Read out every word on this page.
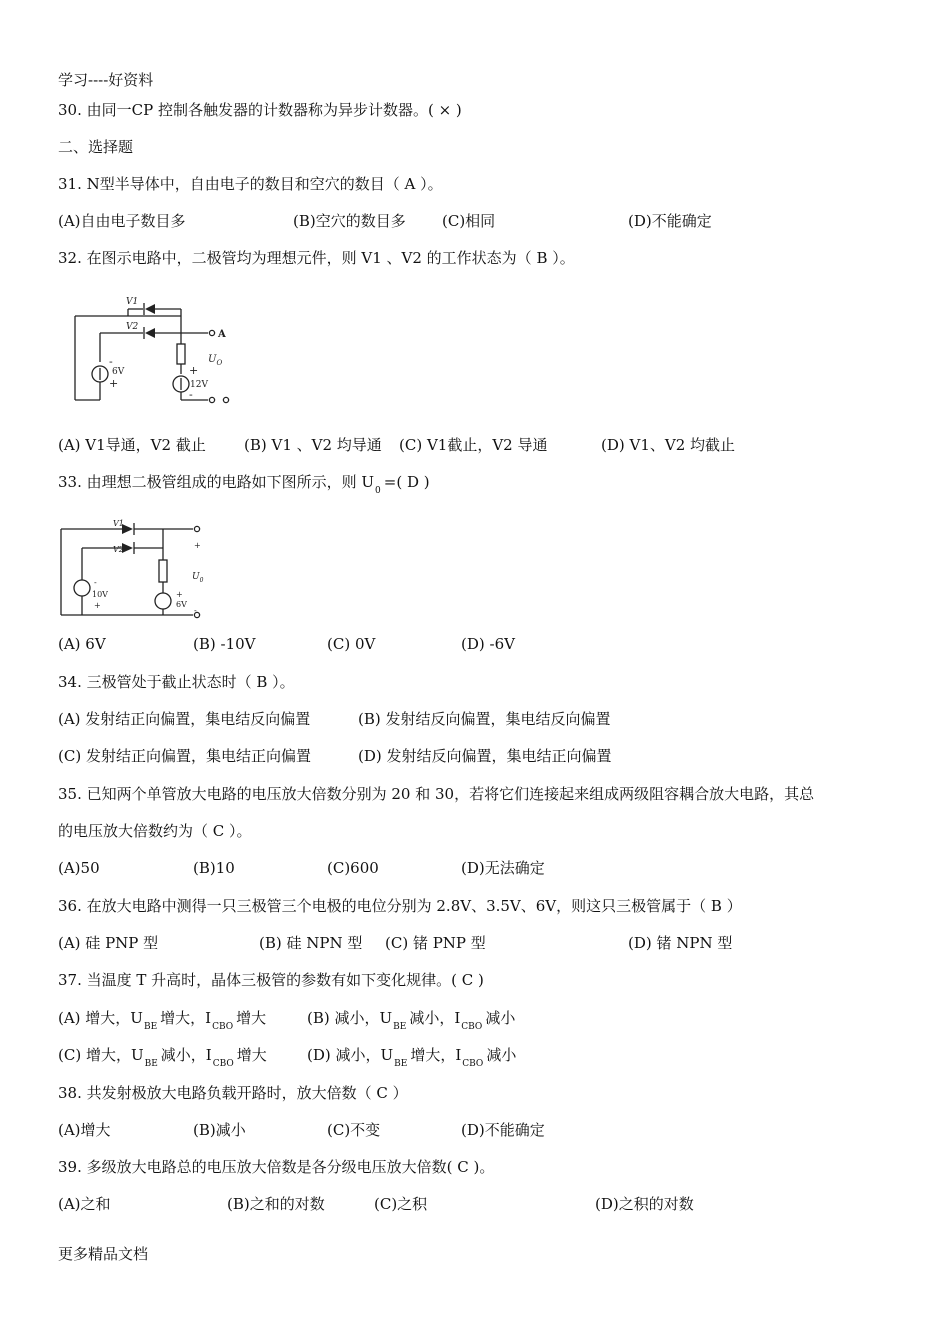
学习----好资料
30. 由同一CP 控制各触发器的计数器称为异步计数器。( × )
二、选择题
31. N型半导体中，自由电子的数目和空穴的数目（ A ）。
(A)自由电子数目多	(B)空穴的数目多 (C)相同	(D)不能确定
32. 在图示电路中，二极管均为理想元件，则 V1 、V2 的工作状态为（ B ）。
V1
V2
A
$U_O$
6V
-
+	12V
+
-
(A) V1导通，V2 截止	(B) V1 、V2 均导通 (C) V1截止，V2 导通	(D) V1、V2 均截止
33. 由理想二极管组成的电路如下图所示，则 $U_0$ =( D )
V1
V2
$U_0$
+
-
-
10V
+
+
6V
(A) 6V	(B) -10V	(C) 0V	(D) -6V
34. 三极管处于截止状态时（ B ）。
(A) 发射结正向偏置，集电结反向偏置	(B) 发射结反向偏置，集电结反向偏置
(C) 发射结正向偏置，集电结正向偏置	(D) 发射结反向偏置，集电结正向偏置
35. 已知两个单管放大电路的电压放大倍数分别为 20 和 30，若将它们连接起来组成两级阻容耦合放大电路，其总
的电压放大倍数约为（ C ）。
(A)50	(B)10	(C)600	(D)无法确定
36. 在放大电路中测得一只三极管三个电极的电位分别为 2.8V、3.5V、6V，则这只三极管属于（ B ）
(A) 硅 PNP 型	(B) 硅 NPN 型 (C) 锗 PNP 型	(D) 锗 NPN 型
37. 当温度 T 升高时，晶体三极管的参数有如下变化规律。( C )
(A) 增大，$U_{BE}$ 增大，$I_{CBO}$ 增大	(B) 减小，$U_{BE}$ 减小，$I_{CBO}$ 减小
(C) 增大，$U_{BE}$ 减小，$I_{CBO}$ 增大	(D) 减小，$U_{BE}$ 增大，$I_{CBO}$ 减小
38. 共发射极放大电路负载开路时，放大倍数（ C ）
(A)增大	(B)减小	(C)不变	(D)不能确定
39. 多级放大电路总的电压放大倍数是各分级电压放大倍数( C )。
(A)之和	(B)之和的对数	(C)之积	(D)之积的对数
更多精品文档
